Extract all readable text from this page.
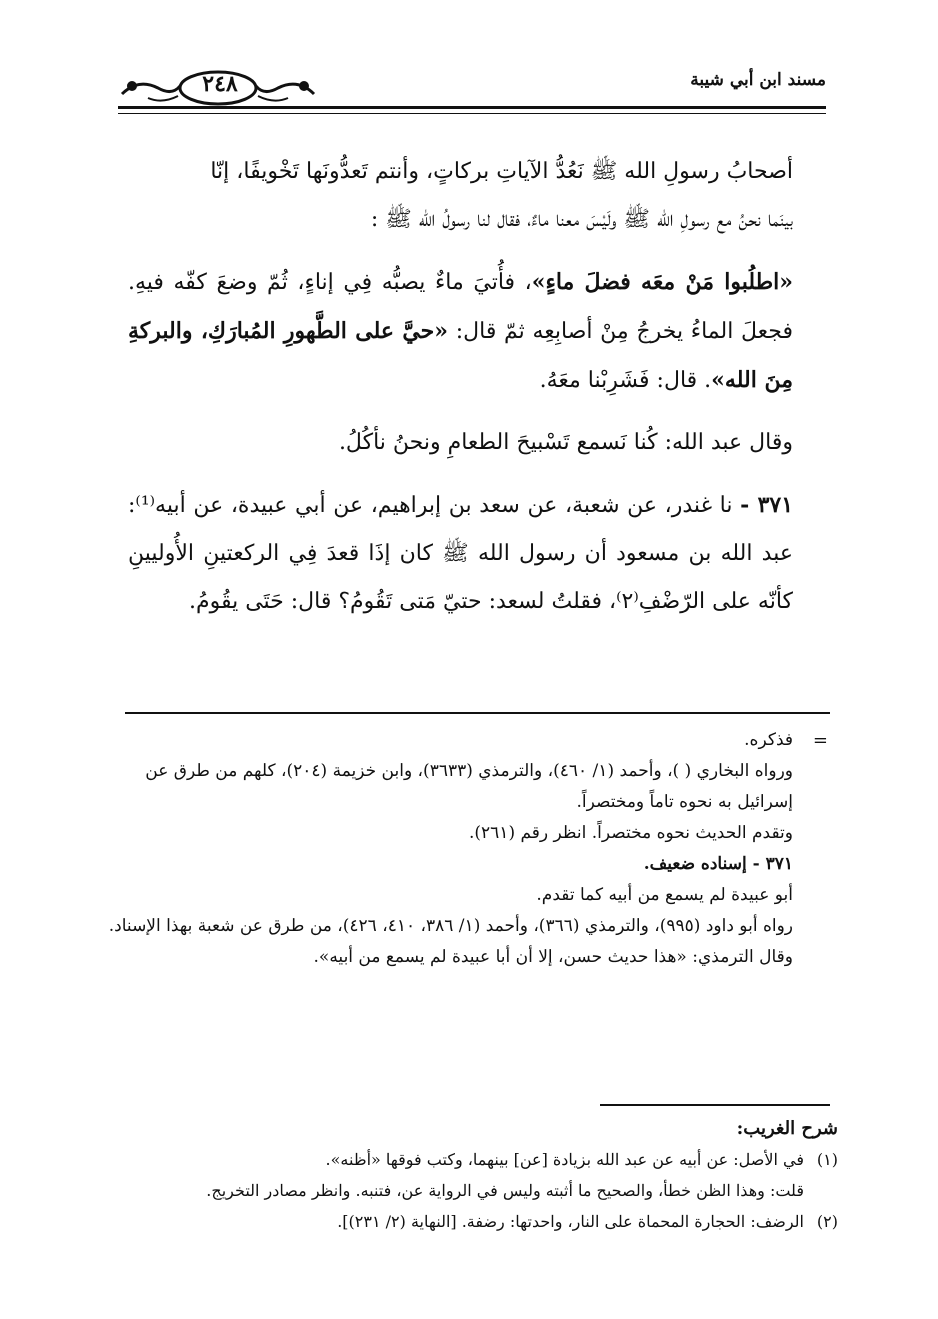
٢٤٨	مسند ابن أبي شيبة

أصحابُ رسولِ الله ﷺ نَعُدُّ الآياتِ بركاتٍ، وأنتم تَعدُّونَها تَخْويفًا، إنّا

بينَما نحنُ مع رسولِ الله ﷺ ولَيْسَ معنا ماءٌ، فقال لنا رسولُ الله ﷺ :

«اطلُبوا مَنْ معَه فضلَ ماءٍ»، فأُتيَ ماءٌ يصبُّه فِي إناءٍ، ثُمّ وضعَ كفّه فيهِ. فجعلَ الماءُ يخرجُ مِنْ أصابِعِه ثمّ قال: «حيَّ على الطَّهورِ المُبارَكِ، والبركةِ مِنَ الله». قال: فَشَرِبْنا معَهُ.

وقال عبد الله: كُنا نَسمع تَسْبيحَ الطعامِ ونحنُ نأكُلُ.

٣٧١ - نا غندر، عن شعبة، عن سعد بن إبراهيم، عن أبي عبيدة، عن أبيه⁽¹⁾: عبد الله بن مسعود أن رسول الله ﷺ كان إذَا قعدَ فِي الركعتينِ الأُوليينِ كأنّه على الرّضْفِ⁽٢⁾، فقلتُ لسعد: حتيّ مَتى تَقُومُ؟ قال: حَتَى يقُومُ.

=

فذكره.

ورواه البخاري ( )، وأحمد (١/ ٤٦٠)، والترمذي (٣٦٣٣)، وابن خزيمة (٢٠٤)، كلهم من طرق عن إسرائيل به نحوه تاماً ومختصراً.

وتقدم الحديث نحوه مختصراً. انظر رقم (٢٦١).

٣٧١ - إسناده ضعيف.

أبو عبيدة لم يسمع من أبيه كما تقدم.

رواه أبو داود (٩٩٥)، والترمذي (٣٦٦)، وأحمد (١/ ٣٨٦، ٤١٠، ٤٢٦)، من طرق عن شعبة بهذا الإسناد.

وقال الترمذي: «هذا حديث حسن، إلا أن أبا عبيدة لم يسمع من أبيه».

شرح الغريب:

(١)في الأصل: عن أبيه عن عبد الله بزيادة [عن] بينهما، وكتب فوقها «أظنه».

قلت: وهذا الظن خطأ، والصحيح ما أثبته وليس في الرواية عن، فتنبه. وانظر مصادر التخريج.

(٢)الرضف: الحجارة المحماة على النار، واحدتها: رضفة. [النهاية (٢/ ٢٣١)].
